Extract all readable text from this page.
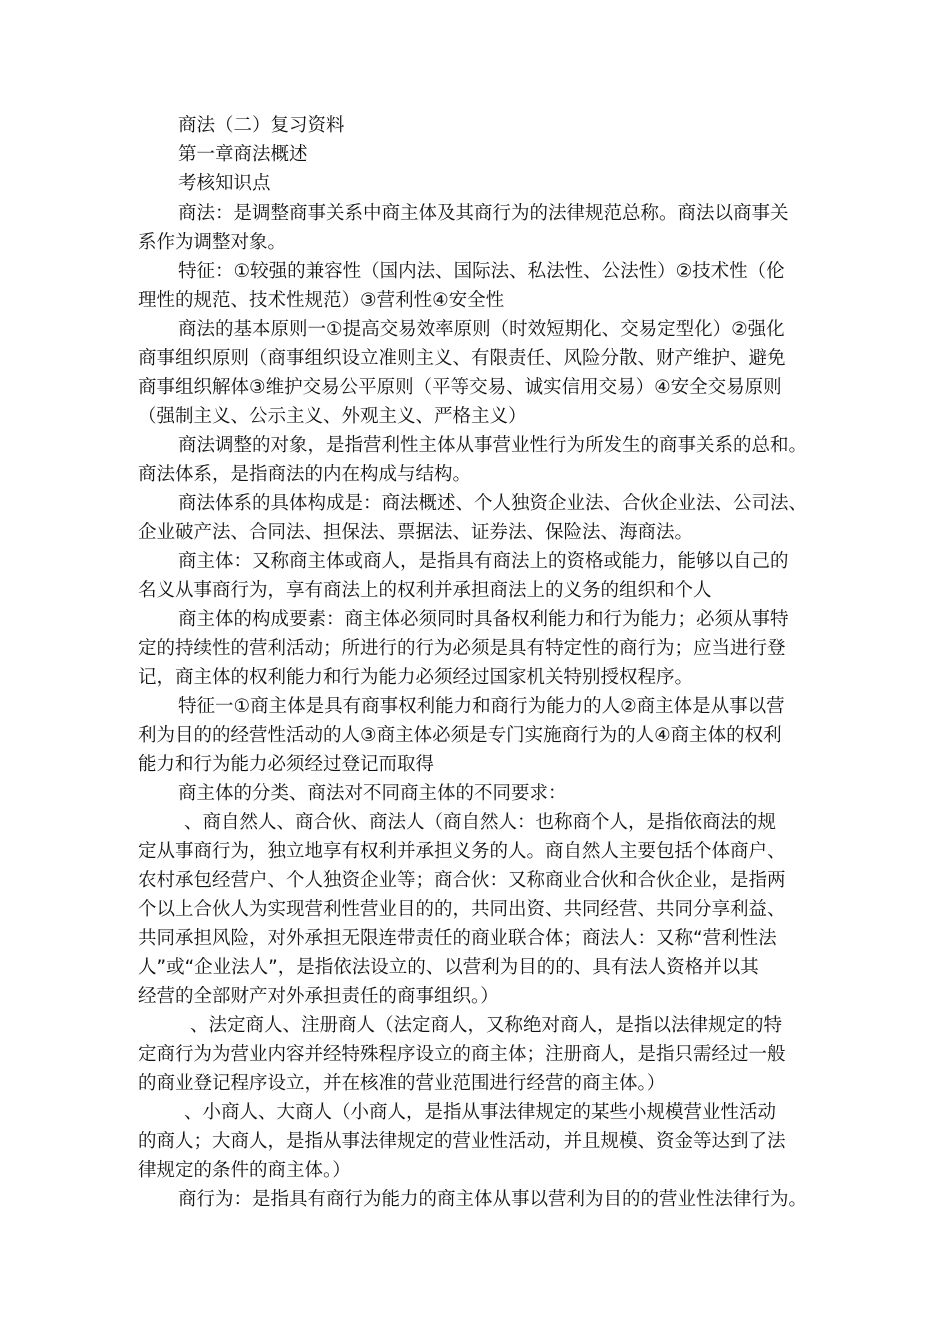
商法（二）复习资料
第一章商法概述
考核知识点
商法：是调整商事关系中商主体及其商行为的法律规范总称。商法以商事关
系作为调整对象。
特征：①较强的兼容性（国内法、国际法、私法性、公法性）②技术性（伦
理性的规范、技术性规范）③营利性④安全性
商法的基本原则一①提高交易效率原则（时效短期化、交易定型化）②强化
商事组织原则（商事组织设立准则主义、有限责任、风险分散、财产维护、避免
商事组织解体③维护交易公平原则（平等交易、诚实信用交易）④安全交易原则
（强制主义、公示主义、外观主义、严格主义）
商法调整的对象，是指营利性主体从事营业性行为所发生的商事关系的总和。
商法体系，是指商法的内在构成与结构。
商法体系的具体构成是：商法概述、个人独资企业法、合伙企业法、公司法、
企业破产法、合同法、担保法、票据法、证券法、保险法、海商法。
商主体：又称商主体或商人，是指具有商法上的资格或能力，能够以自己的
名义从事商行为，享有商法上的权利并承担商法上的义务的组织和个人
商主体的构成要素：商主体必须同时具备权利能力和行为能力；必须从事特
定的持续性的营利活动；所进行的行为必须是具有特定性的商行为；应当进行登
记，商主体的权利能力和行为能力必须经过国家机关特别授权程序。
特征一①商主体是具有商事权利能力和商行为能力的人②商主体是从事以营
利为目的的经营性活动的人③商主体必须是专门实施商行为的人④商主体的权利
能力和行为能力必须经过登记而取得
商主体的分类、商法对不同商主体的不同要求：
、商自然人、商合伙、商法人（商自然人：也称商个人，是指依商法的规
定从事商行为，独立地享有权利并承担义务的人。商自然人主要包括个体商户、
农村承包经营户、个人独资企业等；商合伙：又称商业合伙和合伙企业，是指两
个以上合伙人为实现营利性营业目的的，共同出资、共同经营、共同分享利益、
共同承担风险，对外承担无限连带责任的商业联合体；商法人：又称“营利性法
人”或“企业法人”，是指依法设立的、以营利为目的的、具有法人资格并以其
经营的全部财产对外承担责任的商事组织。）
、法定商人、注册商人（法定商人，又称绝对商人，是指以法律规定的特
定商行为为营业内容并经特殊程序设立的商主体；注册商人，是指只需经过一般
的商业登记程序设立，并在核准的营业范围进行经营的商主体。）
、小商人、大商人（小商人，是指从事法律规定的某些小规模营业性活动
的商人；大商人，是指从事法律规定的营业性活动，并且规模、资金等达到了法
律规定的条件的商主体。）
商行为：是指具有商行为能力的商主体从事以营利为目的的营业性法律行为。
